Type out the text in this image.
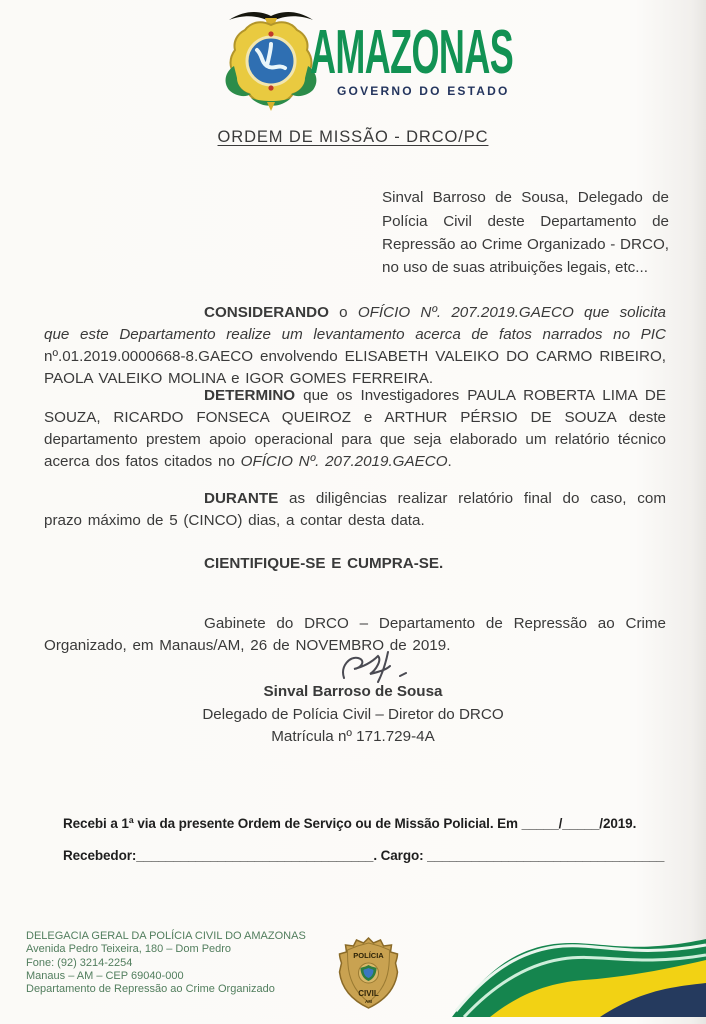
AMAZONAS
GOVERNO DO ESTADO
ORDEM DE MISSÃO - DRCO/PC

Sinval Barroso de Sousa, Delegado de Polícia Civil deste Departamento de Repressão ao Crime Organizado - DRCO, no uso de suas atribuições legais, etc...

CONSIDERANDO o OFÍCIO Nº. 207.2019.GAECO que solicita que este Departamento realize um levantamento acerca de fatos narrados no PIC nº.01.2019.0000668-8.GAECO envolvendo ELISABETH VALEIKO DO CARMO RIBEIRO, PAOLA VALEIKO MOLINA e IGOR GOMES FERREIRA.

DETERMINO que os Investigadores PAULA ROBERTA LIMA DE SOUZA, RICARDO FONSECA QUEIROZ e ARTHUR PÉRSIO DE SOUZA deste departamento prestem apoio operacional para que seja elaborado um relatório técnico acerca dos fatos citados no OFÍCIO Nº. 207.2019.GAECO.

DURANTE as diligências realizar relatório final do caso, com prazo máximo de 5 (CINCO) dias, a contar desta data.

CIENTIFIQUE-SE E CUMPRA-SE.

Gabinete do DRCO – Departamento de Repressão ao Crime Organizado, em Manaus/AM, 26 de NOVEMBRO de 2019.

Sinval Barroso de Sousa
Delegado de Polícia Civil – Diretor do DRCO
Matrícula nº 171.729-4A
Recebi a 1ª via da presente Ordem de Serviço ou de Missão Policial. Em _____/_____/2019.
Recebedor:________________________________. Cargo: ________________________________
DELEGACIA GERAL DA POLÍCIA CIVIL DO AMAZONAS
Avenida Pedro Teixeira, 180 – Dom Pedro
Fone: (92) 3214-2254
Manaus – AM – CEP 69040-000
Departamento de Repressão ao Crime Organizado
POLÍCIA
CIVIL
AM
